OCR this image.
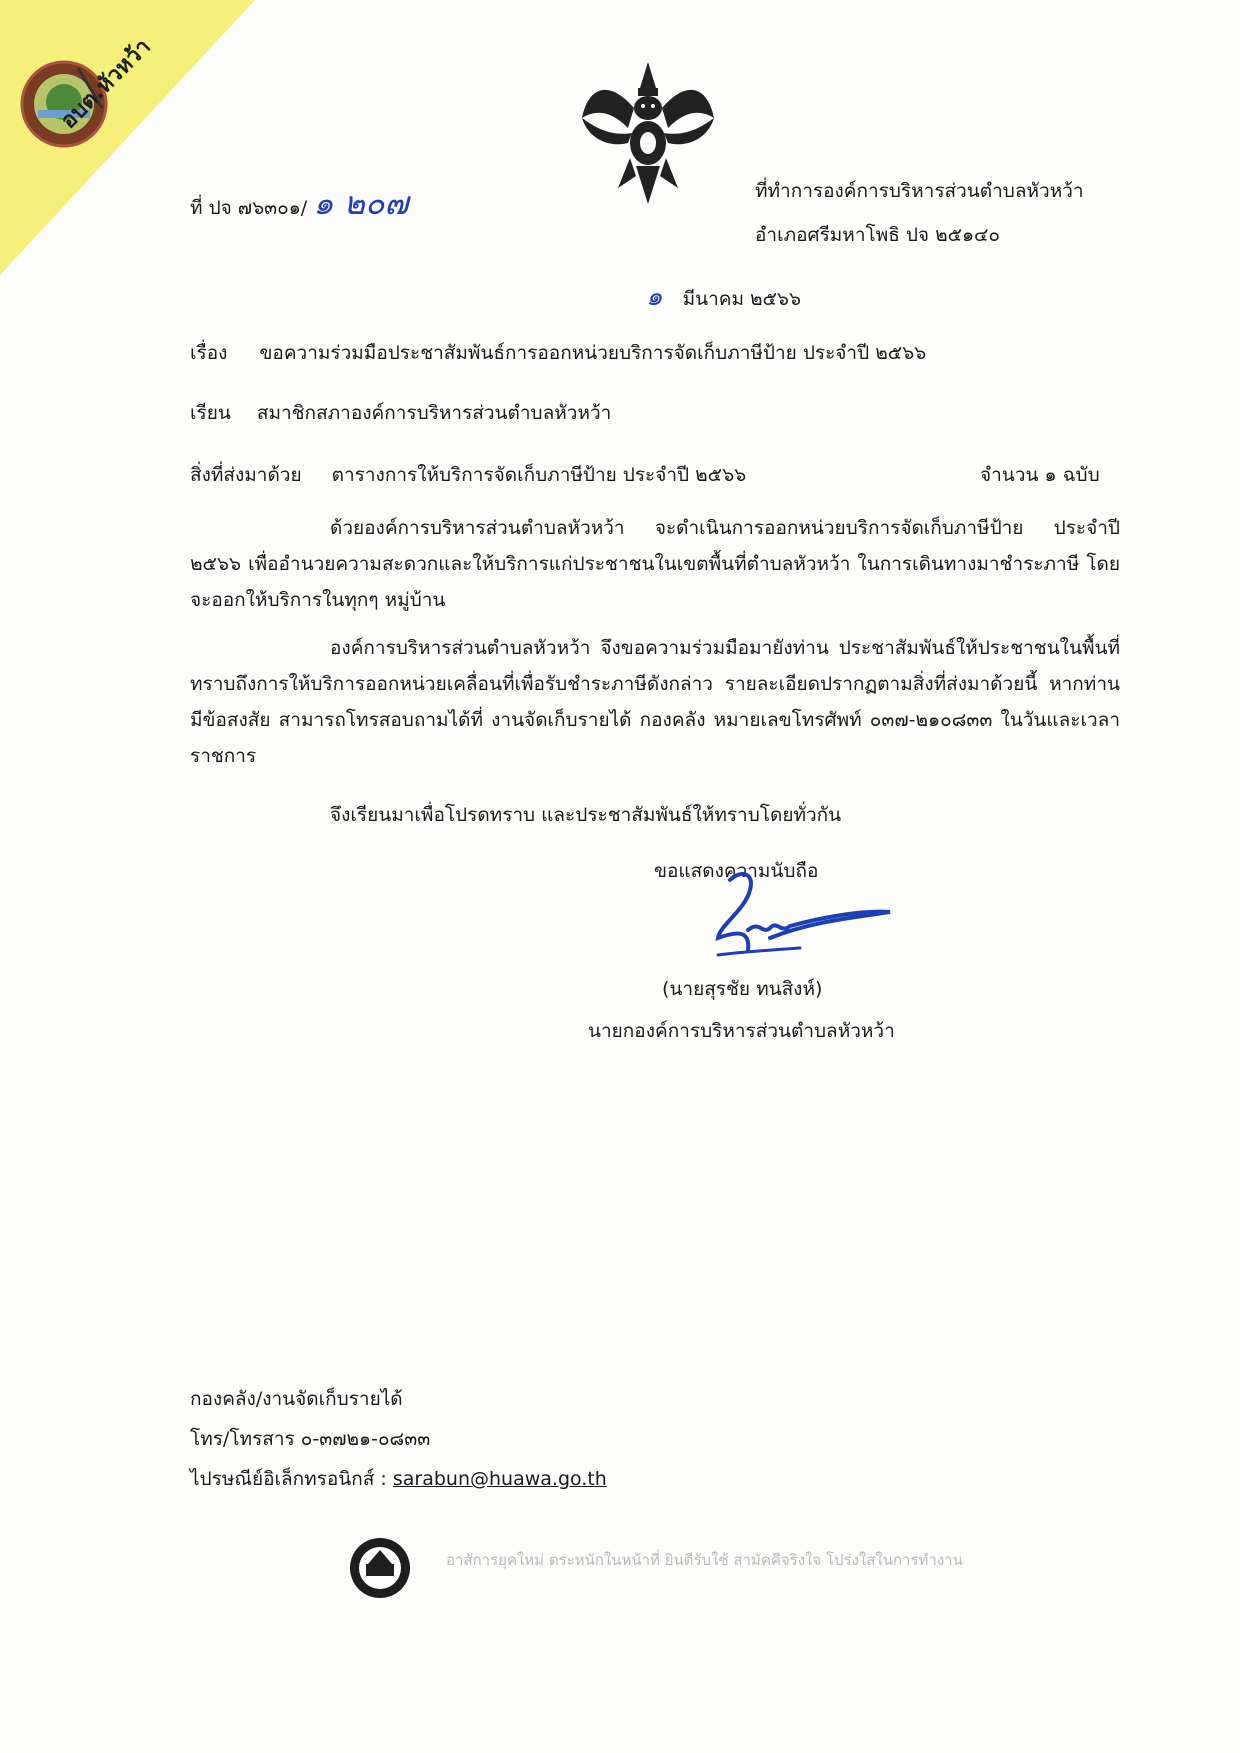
อบต.หัวหว้า
ที่ ปจ ๗๖๓๐๑/ ๑ ๒๐๗	ที่ทำการองค์การบริหารส่วนตำบลหัวหว้า
อำเภอศรีมหาโพธิ ปจ ๒๕๑๔๐
๑ มีนาคม ๒๕๖๖
เรื่อง ขอความร่วมมือประชาสัมพันธ์การออกหน่วยบริการจัดเก็บภาษีป้าย ประจำปี ๒๕๖๖
เรียน สมาชิกสภาองค์การบริหารส่วนตำบลหัวหว้า
สิ่งที่ส่งมาด้วย ตารางการให้บริการจัดเก็บภาษีป้าย ประจำปี ๒๕๖๖	จำนวน ๑ ฉบับ
ด้วยองค์การบริหารส่วนตำบลหัวหว้า จะดำเนินการออกหน่วยบริการจัดเก็บภาษีป้าย ประจำปี ๒๕๖๖ เพื่ออำนวยความสะดวกและให้บริการแก่ประชาชนในเขตพื้นที่ตำบลหัวหว้า ในการเดินทางมาชำระภาษี โดยจะออกให้บริการในทุกๆ หมู่บ้าน
องค์การบริหารส่วนตำบลหัวหว้า จึงขอความร่วมมือมายังท่าน ประชาสัมพันธ์ให้ประชาชนในพื้นที่ทราบถึงการให้บริการออกหน่วยเคลื่อนที่เพื่อรับชำระภาษีดังกล่าว รายละเอียดปรากฏตามสิ่งที่ส่งมาด้วยนี้ หากท่านมีข้อสงสัย สามารถโทรสอบถามได้ที่ งานจัดเก็บรายได้ กองคลัง หมายเลขโทรศัพท์ ๐๓๗-๒๑๐๘๓๓ ในวันและเวลาราชการ
จึงเรียนมาเพื่อโปรดทราบ และประชาสัมพันธ์ให้ทราบโดยทั่วกัน
ขอแสดงความนับถือ
(นายสุรชัย ทนสิงห์)
นายกองค์การบริหารส่วนตำบลหัวหว้า
กองคลัง/งานจัดเก็บรายได้
โทร/โทรสาร ๐-๓๗๒๑-๐๘๓๓
ไปรษณีย์อิเล็กทรอนิกส์ : sarabun@huawa.go.th
อาสัการยุคใหม่ ตระหนักในหน้าที่ ยินดีรับใช้ สามัคคีจริงใจ โปร่งใสในการทำงาน
